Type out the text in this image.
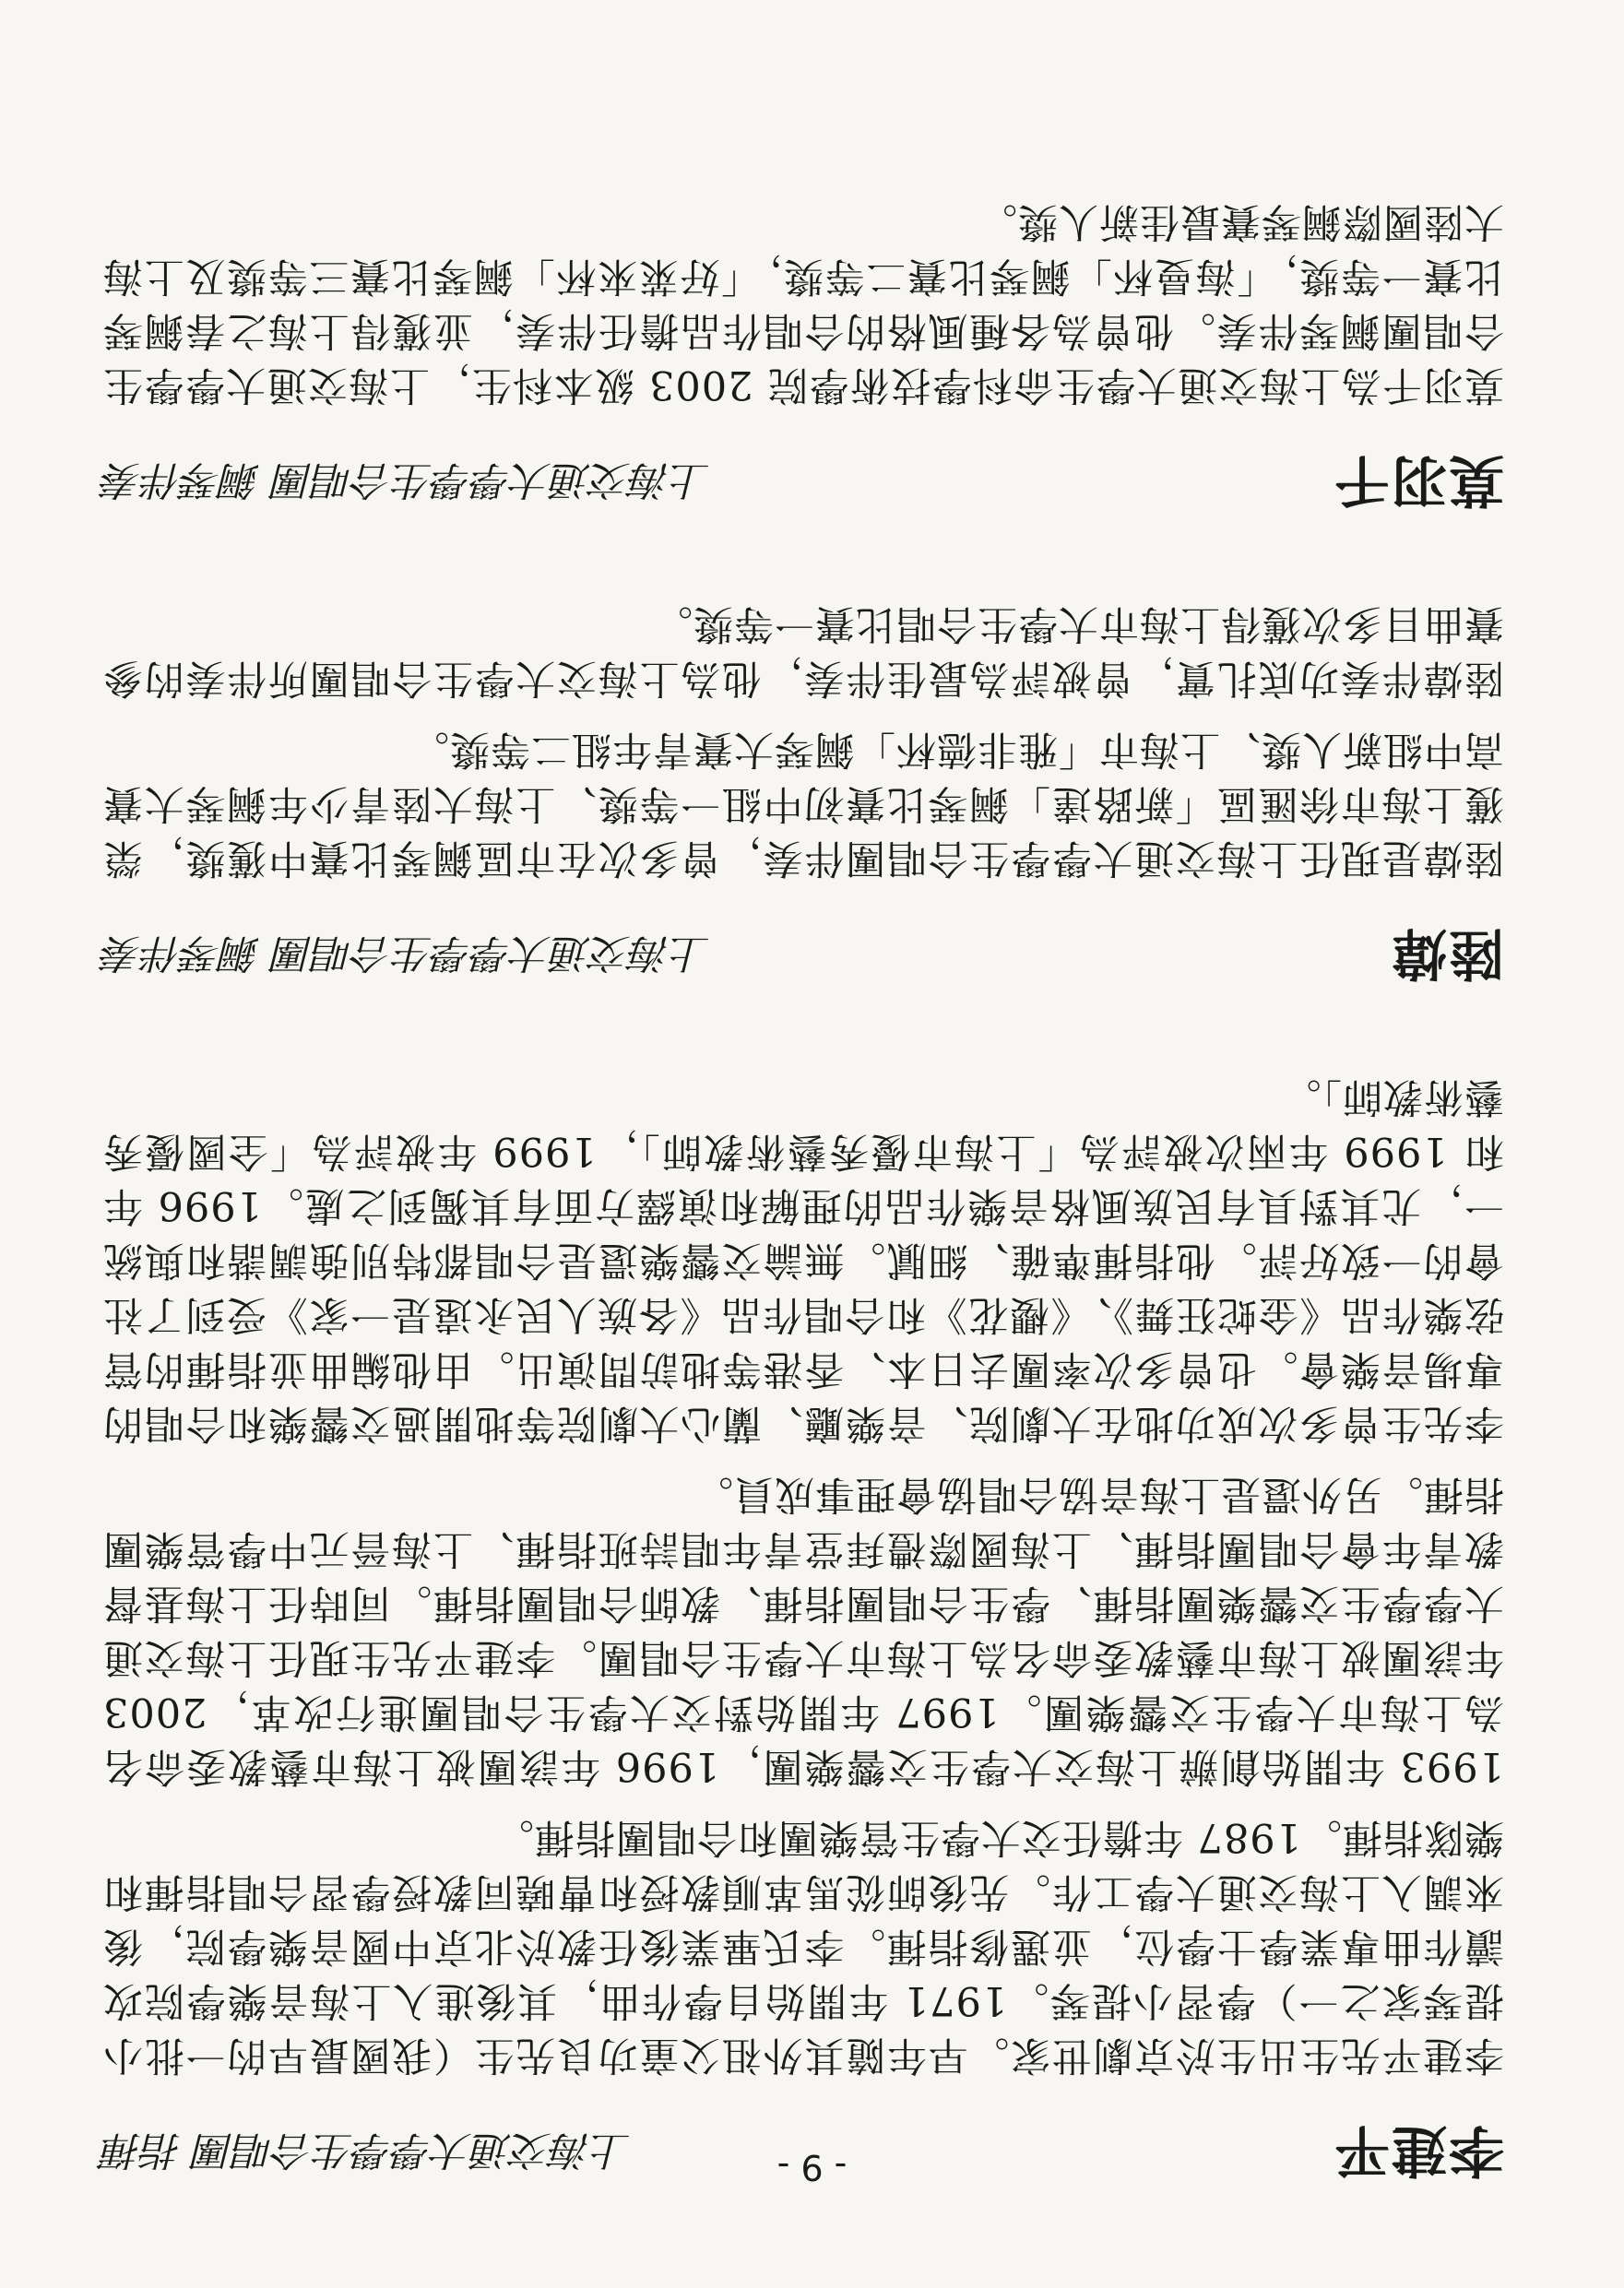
李建平
上海交通大學學生合唱團 指揮

李建平先生出生於京劇世家。早年隨其外祖父童功良先生（我國最早的一批小提琴家之一）學習小提琴。1971 年開始自學作曲，其後進入上海音樂學院攻讀作曲專業學士學位，並選修指揮。李氏畢業後任教於北京中國音樂學院，後來調入上海交通大學工作。先後師從馬革順教授和曹曉同教授學習合唱指揮和樂隊指揮。1987 年擔任交大學生管樂團和合唱團指揮。

1993 年開始創辦上海交大學生交響樂團，1996 年該團被上海市藝教委命名為上海市大學生交響樂團。1997 年開始對交大學生合唱團進行改革，2003 年該團被上海市藝教委命名為上海市大學生合唱團。李建平先生現任上海交通大學學生交響樂團指揮、學生合唱團指揮、教師合唱團指揮。同時任上海基督教青年會合唱團指揮、上海國際禮拜堂青年唱詩班指揮、上海晉元中學管樂團指揮。另外還是上海音協合唱協會理事成員。

李先生曾多次成功地在大劇院、音樂廳、蘭心大劇院等地開過交響樂和合唱的專場音樂會。也曾多次率團去日本、香港等地訪問演出。由他編曲並指揮的管弦樂作品《金蛇狂舞》、《櫻花》和合唱作品《各族人民永遠是一家》受到了社會的一致好評。他指揮準確、細膩。無論交響樂還是合唱都特別強調諧和與統一，尤其對具有民族風格音樂作品的理解和演繹方面有其獨到之處。1996 年和 1999 年兩次被評為「上海市優秀藝術教師」，1999 年被評為「全國優秀藝術教師」。

陸煒
上海交通大學學生合唱團 鋼琴伴奏

陸煒是現任上海交通大學學生合唱團伴奏，曾多次在市區鋼琴比賽中獲獎，榮獲上海市徐匯區「新路達」鋼琴比賽初中組一等獎、上海大陸青少年鋼琴大賽高中組新人獎、上海市「雅非德杯」鋼琴大賽青年組二等獎。

陸煒伴奏功底扎實，曾被評為最佳伴奏，他為上海交大學生合唱團所伴奏的參賽曲目多次獲得上海市大學生合唱比賽一等獎。

莫羽千
上海交通大學學生合唱團 鋼琴伴奏

莫羽千為上海交通大學生命科學技術學院 2003 級本科生，上海交通大學學生合唱團鋼琴伴奏。他曾為各種風格的合唱作品擔任伴奏，並獲得上海之春鋼琴比賽一等獎，「海曼杯」鋼琴比賽二等獎，「好萊來杯」鋼琴比賽三等獎及上海大陸國際鋼琴賽最佳新人獎。

- 9 -
